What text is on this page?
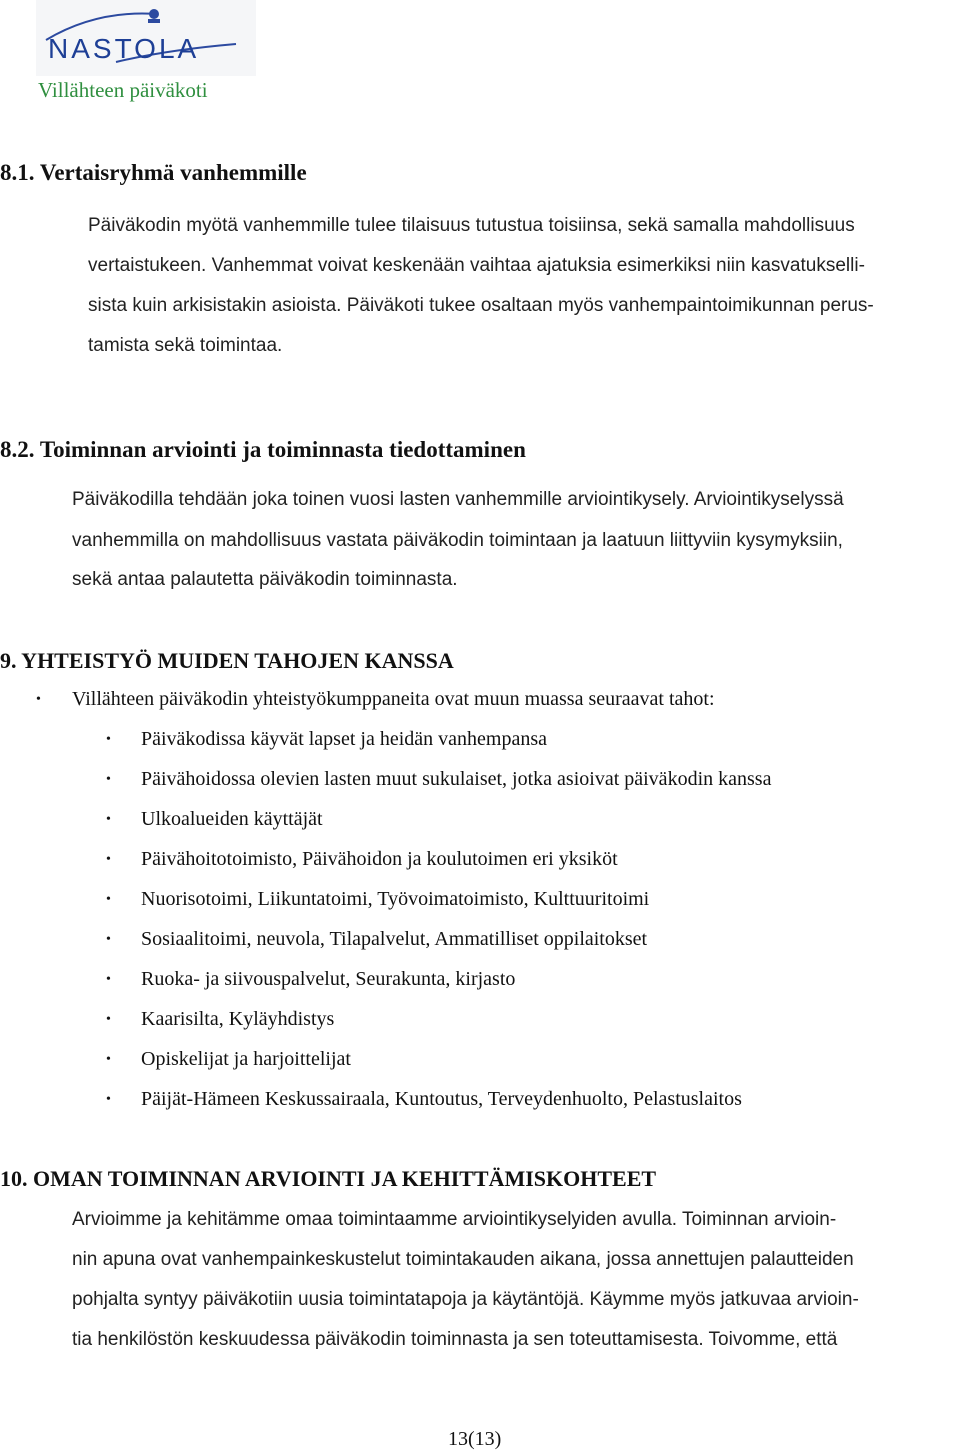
NASTOLA
Villähteen päiväkoti
8.1. Vertaisryhmä vanhemmille
Päiväkodin myötä vanhemmille tulee tilaisuus tutustua toisiinsa, sekä samalla mahdollisuus
vertaistukeen. Vanhemmat voivat keskenään vaihtaa ajatuksia esimerkiksi niin kasvatukselli-
sista kuin arkisistakin asioista. Päiväkoti tukee osaltaan myös vanhempaintoimikunnan perus-
tamista sekä toimintaa.
8.2. Toiminnan arviointi ja toiminnasta tiedottaminen
Päiväkodilla tehdään joka toinen vuosi lasten vanhemmille arviointikysely. Arviointikyselyssä
vanhemmilla on mahdollisuus vastata päiväkodin toimintaan ja laatuun liittyviin kysymyksiin,
sekä antaa palautetta päiväkodin toiminnasta.
9. YHTEISTYÖ MUIDEN TAHOJEN KANSSA
• Villähteen päiväkodin yhteistyökumppaneita ovat muun muassa seuraavat tahot:
• Päiväkodissa käyvät lapset ja heidän vanhempansa
• Päivähoidossa olevien lasten muut sukulaiset, jotka asioivat päiväkodin kanssa
• Ulkoalueiden käyttäjät
• Päivähoitotoimisto, Päivähoidon ja koulutoimen eri yksiköt
• Nuorisotoimi, Liikuntatoimi, Työvoimatoimisto, Kulttuuritoimi
• Sosiaalitoimi, neuvola, Tilapalvelut, Ammatilliset oppilaitokset
• Ruoka- ja siivouspalvelut, Seurakunta, kirjasto
• Kaarisilta, Kyläyhdistys
• Opiskelijat ja harjoittelijat
• Päijät-Hämeen Keskussairaala, Kuntoutus, Terveydenhuolto, Pelastuslaitos
10. OMAN TOIMINNAN ARVIOINTI JA KEHITTÄMISKOHTEET
Arvioimme ja kehitämme omaa toimintaamme arviointikyselyiden avulla. Toiminnan arvioin-
nin apuna ovat vanhempainkeskustelut toimintakauden aikana, jossa annettujen palautteiden
pohjalta syntyy päiväkotiin uusia toimintatapoja ja käytäntöjä. Käymme myös jatkuvaa arvioin-
tia henkilöstön keskuudessa päiväkodin toiminnasta ja sen toteuttamisesta. Toivomme, että
13(13)
